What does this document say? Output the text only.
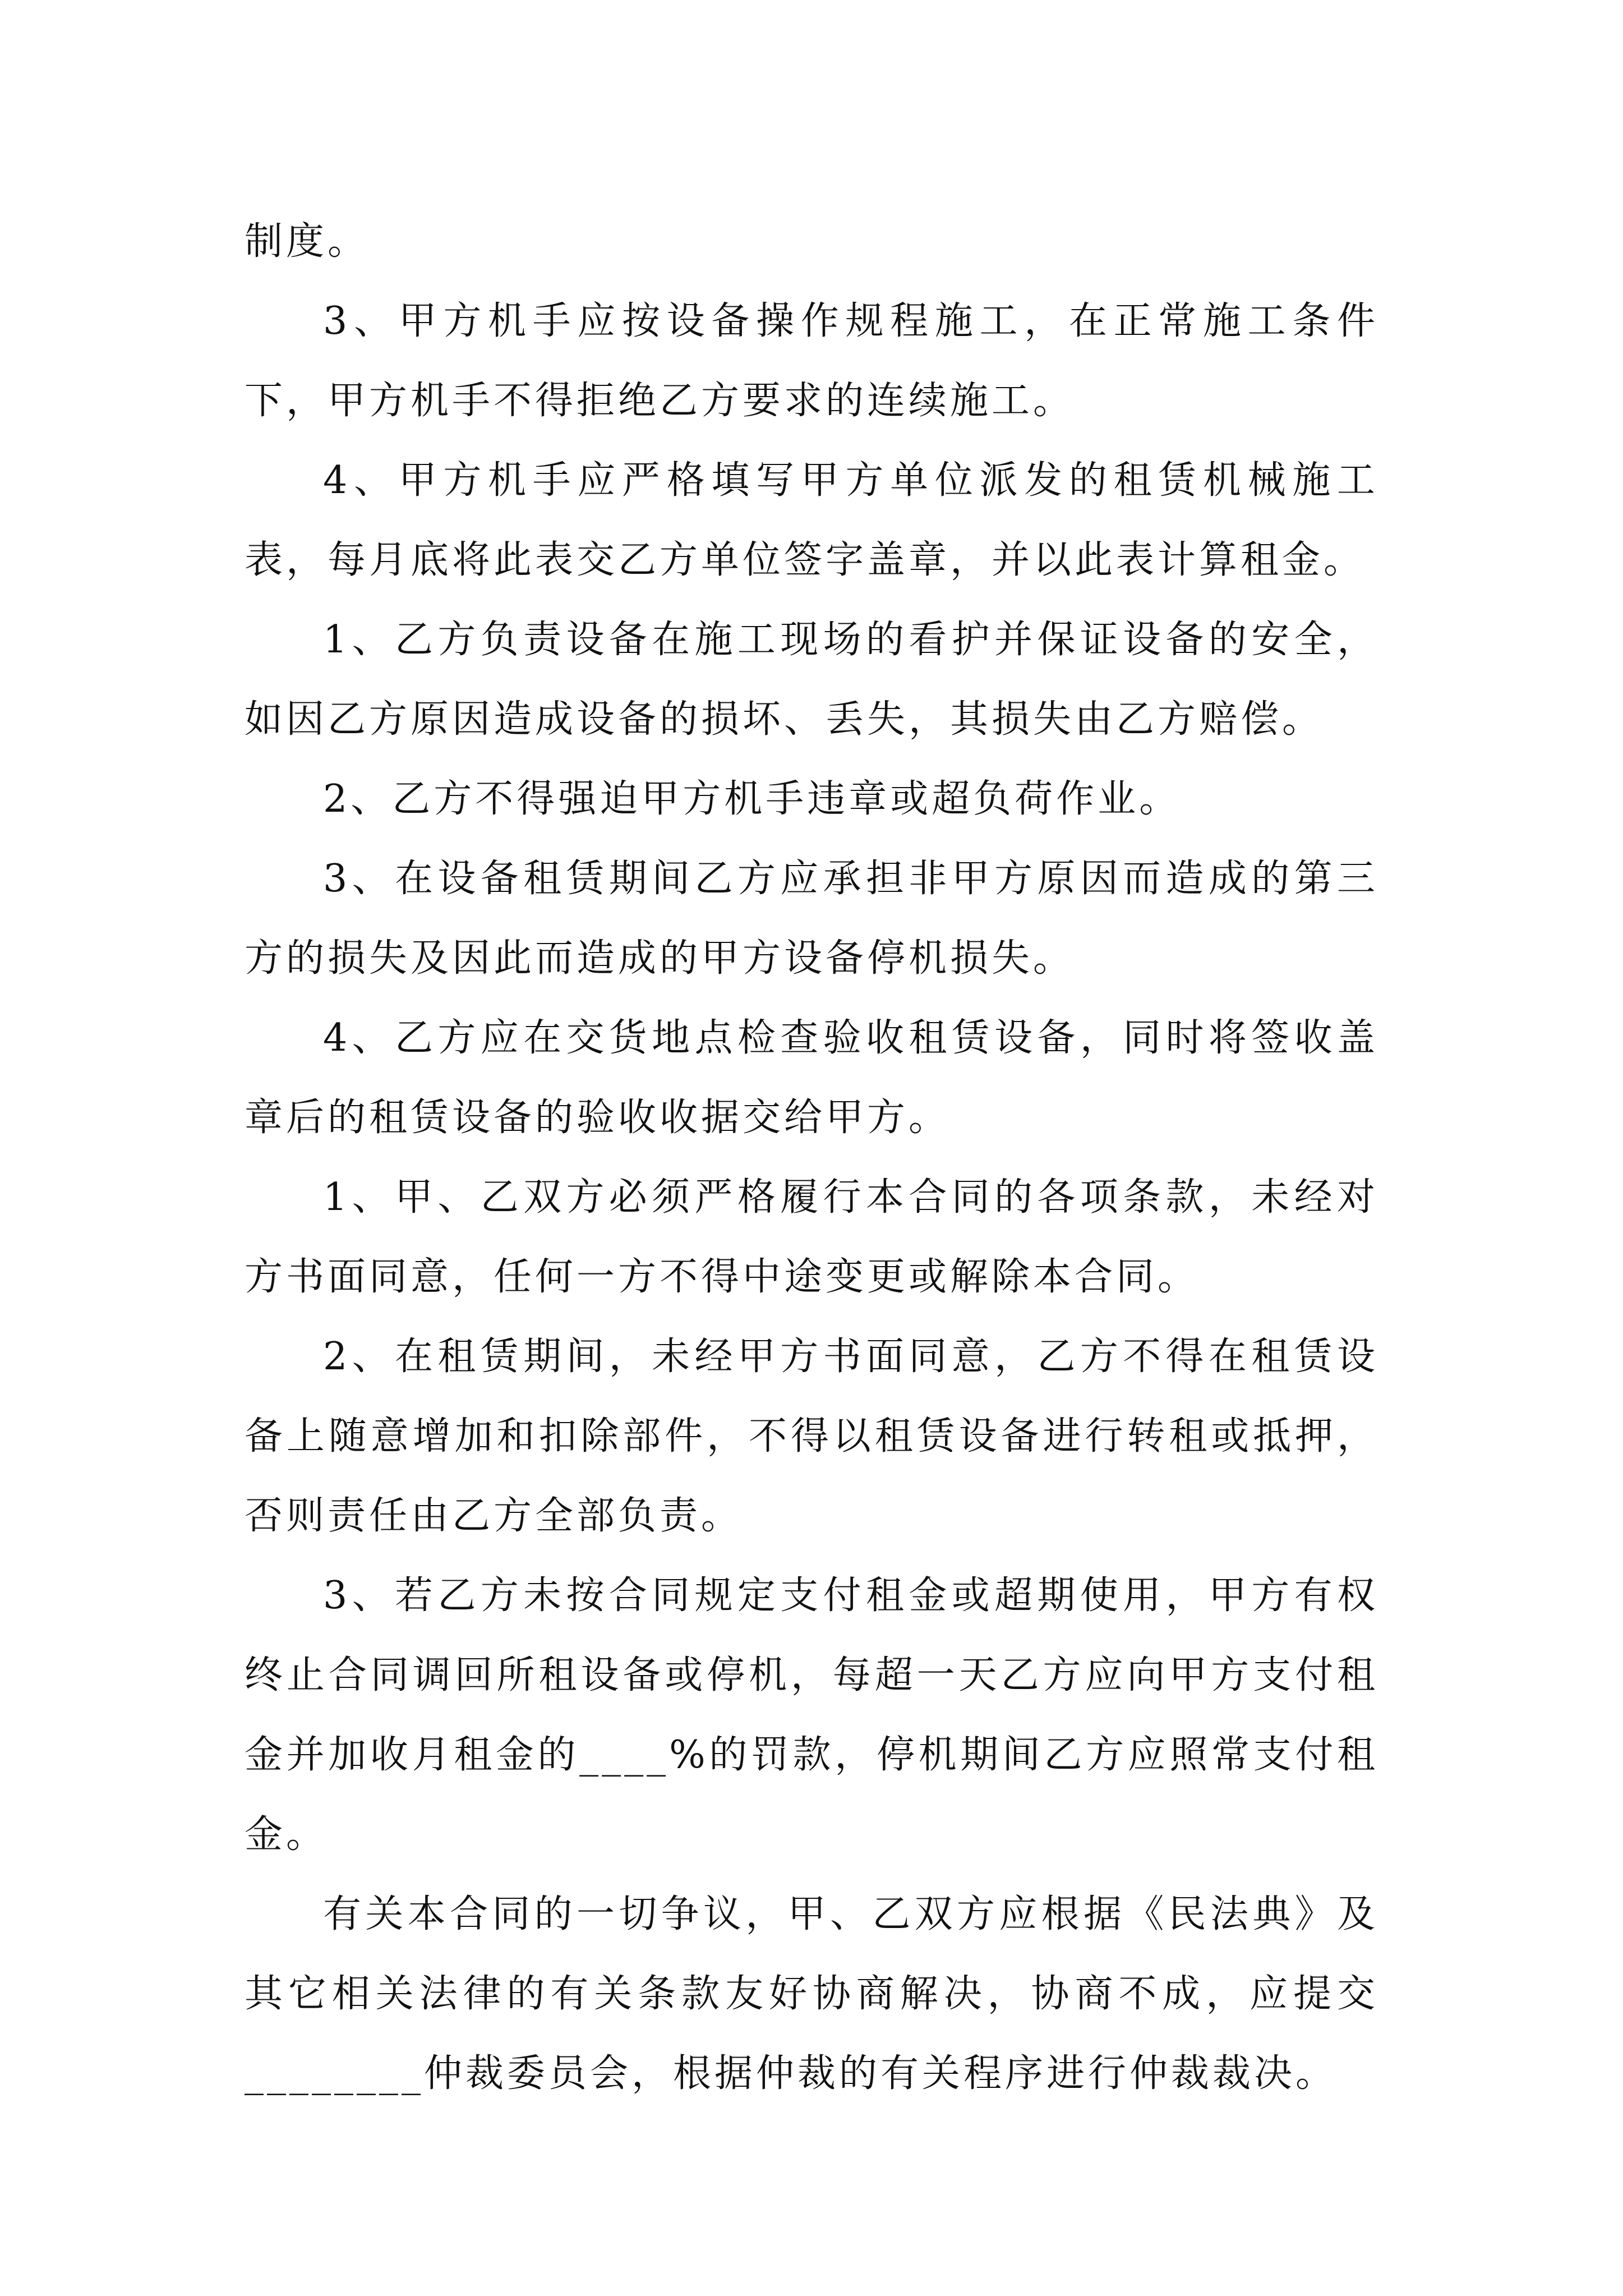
制度。

3、甲方机手应按设备操作规程施工，在正常施工条件下，甲方机手不得拒绝乙方要求的连续施工。

4、甲方机手应严格填写甲方单位派发的租赁机械施工表，每月底将此表交乙方单位签字盖章，并以此表计算租金。

1、乙方负责设备在施工现场的看护并保证设备的安全，如因乙方原因造成设备的损坏、丢失，其损失由乙方赔偿。

2、乙方不得强迫甲方机手违章或超负荷作业。

3、在设备租赁期间乙方应承担非甲方原因而造成的第三方的损失及因此而造成的甲方设备停机损失。

4、乙方应在交货地点检查验收租赁设备，同时将签收盖章后的租赁设备的验收收据交给甲方。

1、甲、乙双方必须严格履行本合同的各项条款，未经对方书面同意，任何一方不得中途变更或解除本合同。

2、在租赁期间，未经甲方书面同意，乙方不得在租赁设备上随意增加和扣除部件，不得以租赁设备进行转租或抵押，否则责任由乙方全部负责。

3、若乙方未按合同规定支付租金或超期使用，甲方有权终止合同调回所租设备或停机，每超一天乙方应向甲方支付租金并加收月租金的____%的罚款，停机期间乙方应照常支付租金。

有关本合同的一切争议，甲、乙双方应根据《民法典》及其它相关法律的有关条款友好协商解决，协商不成，应提交________仲裁委员会，根据仲裁的有关程序进行仲裁裁决。
